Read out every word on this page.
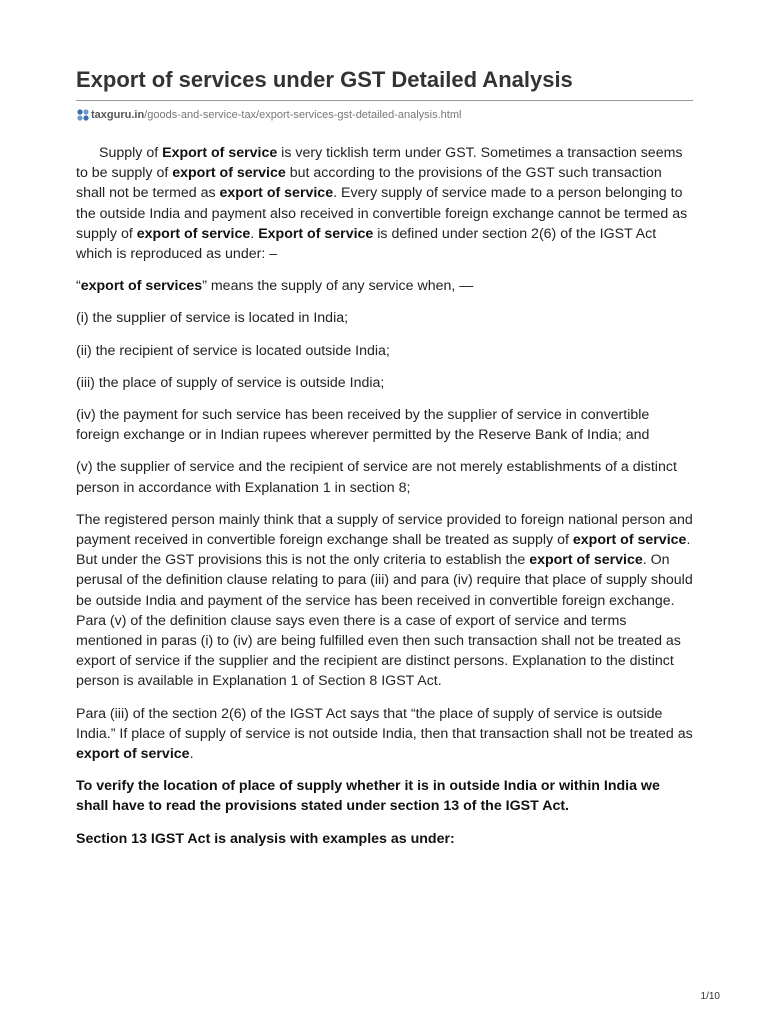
Export of services under GST Detailed Analysis
taxguru.in /goods-and-service-tax/export-services-gst-detailed-analysis.html

Supply of Export of service is very ticklish term under GST. Sometimes a transaction seems to be supply of export of service but according to the provisions of the GST such transaction shall not be termed as export of service. Every supply of service made to a person belonging to the outside India and payment also received in convertible foreign exchange cannot be termed as supply of export of service. Export of service is defined under section 2(6) of the IGST Act which is reproduced as under: –

“export of services” means the supply of any service when, —

(i) the supplier of service is located in India;

(ii) the recipient of service is located outside India;

(iii) the place of supply of service is outside India;

(iv) the payment for such service has been received by the supplier of service in convertible foreign exchange or in Indian rupees wherever permitted by the Reserve Bank of India; and

(v) the supplier of service and the recipient of service are not merely establishments of a distinct person in accordance with Explanation 1 in section 8;

The registered person mainly think that a supply of service provided to foreign national person and payment received in convertible foreign exchange shall be treated as supply of export of service. But under the GST provisions this is not the only criteria to establish the export of service. On perusal of the definition clause relating to para (iii) and para (iv) require that place of supply should be outside India and payment of the service has been received in convertible foreign exchange. Para (v) of the definition clause says even there is a case of export of service and terms mentioned in paras (i) to (iv) are being fulfilled even then such transaction shall not be treated as export of service if the supplier and the recipient are distinct persons. Explanation to the distinct person is available in Explanation 1 of Section 8 IGST Act.

Para (iii) of the section 2(6) of the IGST Act says that “the place of supply of service is outside India.” If place of supply of service is not outside India, then that transaction shall not be treated as export of service.

To verify the location of place of supply whether it is in outside India or within India we shall have to read the provisions stated under section 13 of the IGST Act.

Section 13 IGST Act is analysis with examples as under:

1/10
